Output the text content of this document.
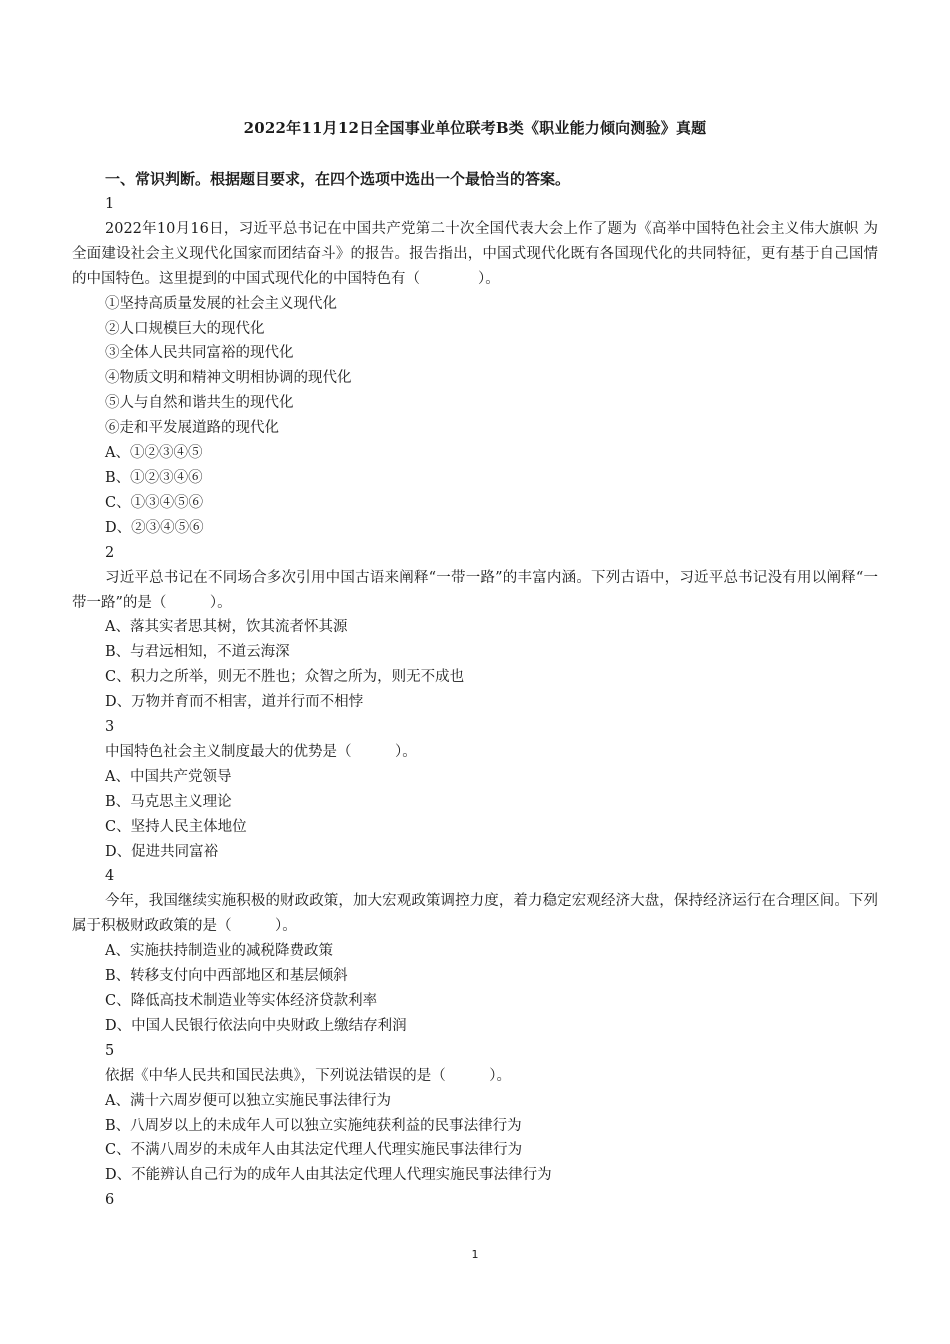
2022年11月12日全国事业单位联考B类《职业能力倾向测验》真题
一、常识判断。根据题目要求，在四个选项中选出一个最恰当的答案。
1
2022年10月16日，习近平总书记在中国共产党第二十次全国代表大会上作了题为《高举中国特色社会主义伟大旗帜 为全面建设社会主义现代化国家而团结奋斗》的报告。报告指出，中国式现代化既有各国现代化的共同特征，更有基于自己国情的中国特色。这里提到的中国式现代化的中国特色有（　　　　）。
①坚持高质量发展的社会主义现代化
②人口规模巨大的现代化
③全体人民共同富裕的现代化
④物质文明和精神文明相协调的现代化
⑤人与自然和谐共生的现代化
⑥走和平发展道路的现代化
A、①②③④⑤
B、①②③④⑥
C、①③④⑤⑥
D、②③④⑤⑥
2
习近平总书记在不同场合多次引用中国古语来阐释“一带一路”的丰富内涵。下列古语中，习近平总书记没有用以阐释“一带一路”的是（　　　）。
A、落其实者思其树，饮其流者怀其源
B、与君远相知，不道云海深
C、积力之所举，则无不胜也；众智之所为，则无不成也
D、万物并育而不相害，道并行而不相悖
3
中国特色社会主义制度最大的优势是（　　　）。
A、中国共产党领导
B、马克思主义理论
C、坚持人民主体地位
D、促进共同富裕
4
今年，我国继续实施积极的财政政策，加大宏观政策调控力度，着力稳定宏观经济大盘，保持经济运行在合理区间。下列属于积极财政政策的是（　　　）。
A、实施扶持制造业的减税降费政策
B、转移支付向中西部地区和基层倾斜
C、降低高技术制造业等实体经济贷款利率
D、中国人民银行依法向中央财政上缴结存利润
5
依据《中华人民共和国民法典》，下列说法错误的是（　　　）。
A、满十六周岁便可以独立实施民事法律行为
B、八周岁以上的未成年人可以独立实施纯获利益的民事法律行为
C、不满八周岁的未成年人由其法定代理人代理实施民事法律行为
D、不能辨认自己行为的成年人由其法定代理人代理实施民事法律行为
6
1
